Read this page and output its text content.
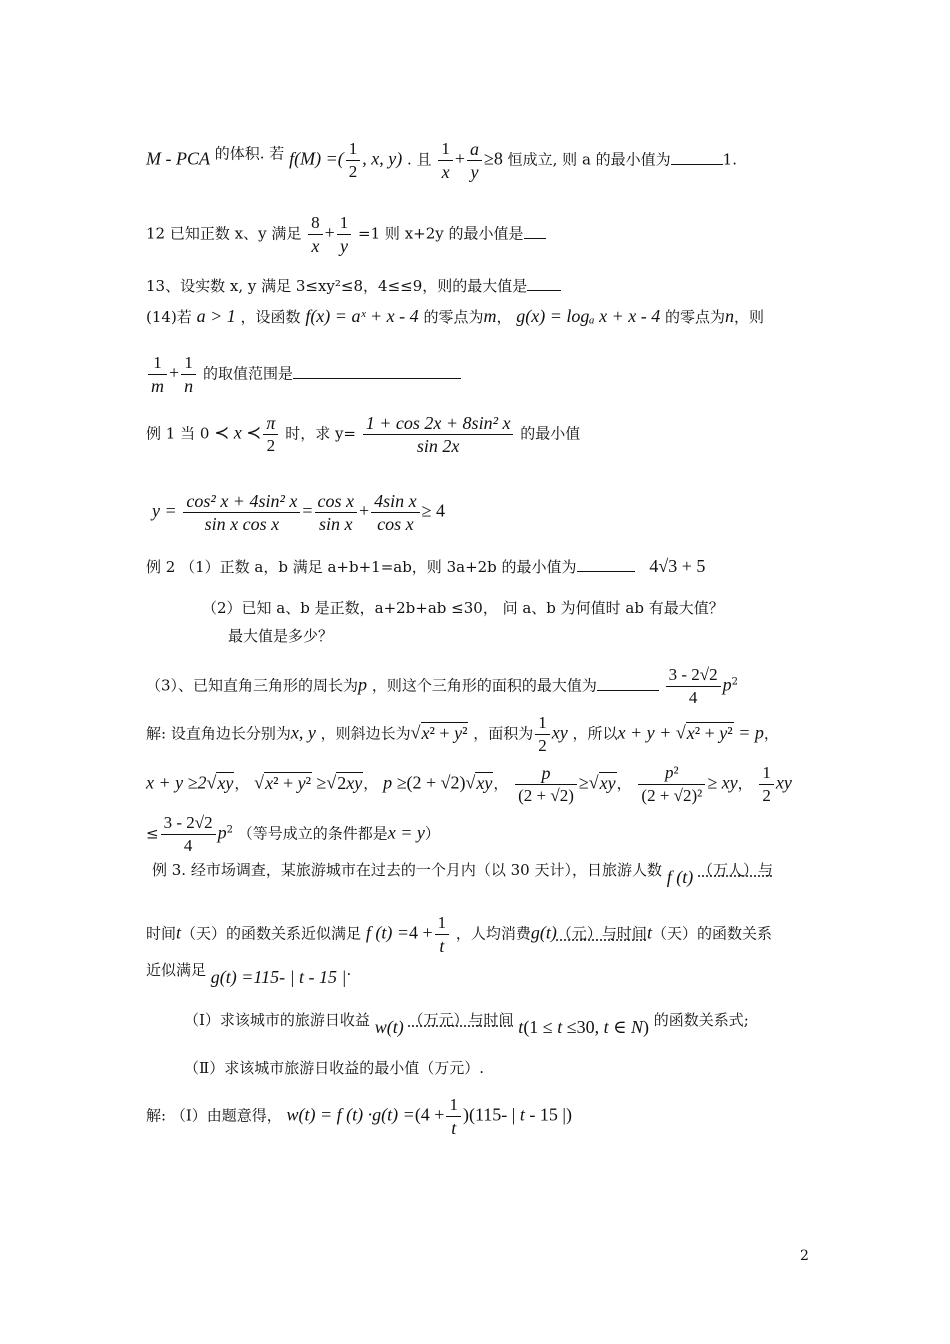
M - PCA 的体积. 若 f(M) =( $\frac{1}{2}$ , x, y) . 且 $\frac{1}{x} + \frac{a}{y} \ge 8$ 恒成立, 则 a 的最小值为	1.
12 已知正数 x、y 满足 $\frac{8}{x} + \frac{1}{y} =1$ 则 x+2y 的最小值是
13、设实数 x, y 满足 3≤xy²≤8，4≤≤9，则的最大值是
(14)若 a > 1 ，设函数 f(x) = aˣ + x - 4 的零点为m， g(x) = logₐ x + x - 4 的零点为n，则
$\frac{1}{m} + \frac{1}{n}$ 的取值范围是
例 1 当 0 ≺ x ≺ $\frac{\pi}{2}$ 时，求 $y= \frac{\text{1 + cos 2x + 8sin² x}}{\sin 2x}$ 的最小值
$y = \frac{\text{cos² x + 4sin² x}}{\text{sin x cos x}} = \frac{\text{cos x}}{\text{sin x}} + \frac{\text{4sin x}}{\text{cos x}} \ge 4$
例 2 （1）正数 a，b 满足 a+b+1=ab，则 3a+2b 的最小值为	4√3 + 5
（2）已知 a、b 是正数，a+2b+ab ≤30， 问 a、b 为何值时 ab 有最大值？
最大值是多少？
（3）、已知直角三角形的周长为p ，则这个三角形的面积的最大值为	$\frac{3 - 2√2}{4} p^2$
解: 设直角边长分别为x, y ，则斜边长为√x² + y² ，面积为 $\frac{1}{2}$ xy ，所以x + y + √x² + y² = p，
x + y ≥2√xy， √x² + y² ≥√2xy， p ≥(2 + √2)√xy， $\frac{p}{(2 + √2)} \ge√xy$， $\frac{\text{p²}}{\text{(2 + √2)²}}$ ≥ xy， $\frac{1}{2}$ xy
≤ $\frac{3 - 2√2}{4} p^2$ （等号成立的条件都是x = y）
例 3. 经市场调查，某旅游城市在过去的一个月内（以 30 天计），日旅游人数 f (t) （万人）与
时间t（天）的函数关系近似满足 f $(t) =4 + \frac{1}{t}$ ，人均消费g(t)（元）与时间t（天）的函数关系
近似满足 g(t) =115- | t - 15 |.
（Ⅰ）求该城市的旅游日收益 w(t) （万元）与时间 t(1 ≤ t ≤30, t ∈ N) 的函数关系式;
（Ⅱ）求该城市旅游日收益的最小值（万元）.
解: （Ⅰ）由题意得， w(t) = f $(t) \cdot g(t) =(4 + \frac{1}{t} )(115-$ | t - 15 |)
2
